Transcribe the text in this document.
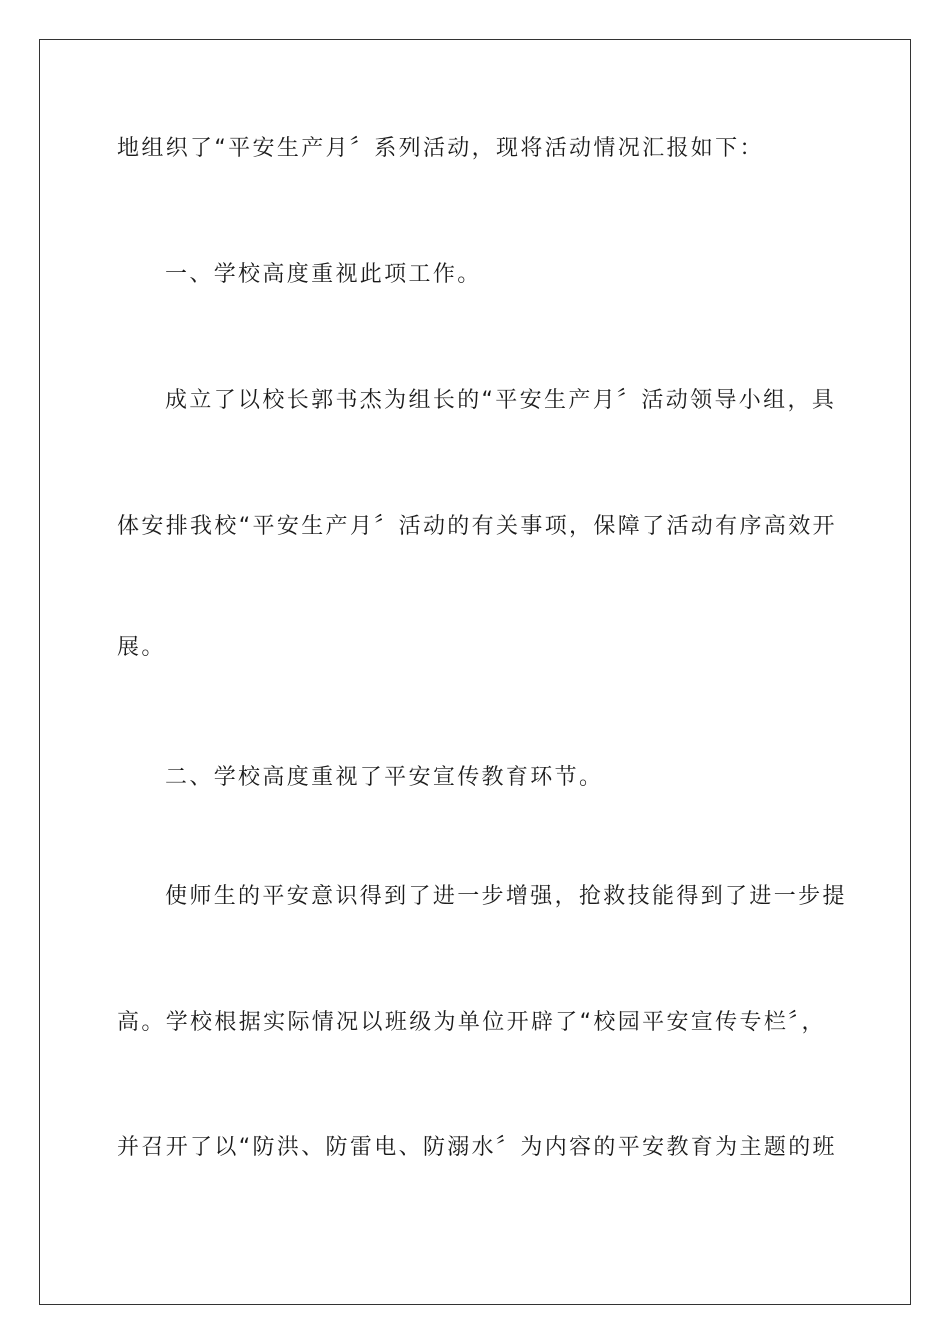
地组织了“平安生产月〞系列活动，现将活动情况汇报如下：
一、学校高度重视此项工作。
成立了以校长郭书杰为组长的“平安生产月〞活动领导小组，具
体安排我校“平安生产月〞活动的有关事项，保障了活动有序高效开
展。
二、学校高度重视了平安宣传教育环节。
使师生的平安意识得到了进一步增强，抢救技能得到了进一步提
高。学校根据实际情况以班级为单位开辟了“校园平安宣传专栏〞，
并召开了以“防洪、防雷电、防溺水〞为内容的平安教育为主题的班
